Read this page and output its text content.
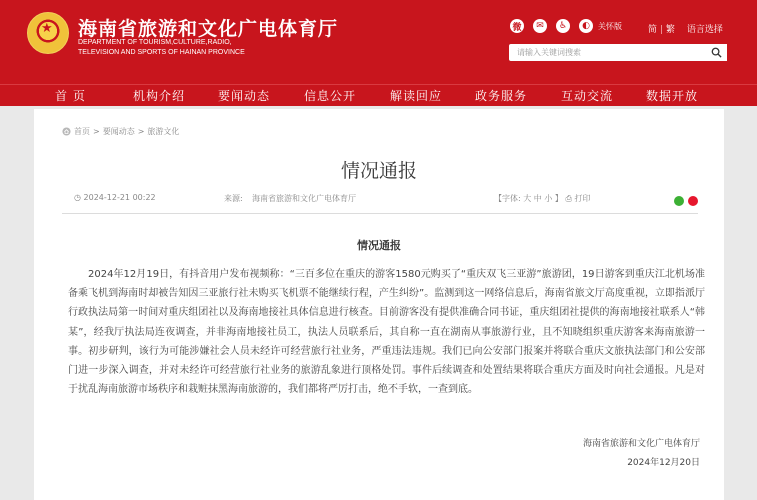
★
海南省旅游和文化广电体育厅
DEPARTMENT OF TOURISM,CULTURE,RADIO,
TELEVISION AND SPORTS OF HAINAN PROVINCE
微	✉	♿	◐	关怀版	简 | 繁 语言选择
请输入关键词搜索
首 页	机构介绍	要闻动态	信息公开	解读回应	政务服务	互动交流	数据开放
首页 > 要闻动态 > 旅游文化
情况通报
◷ 2024-12-21 00:22	来源: 海南省旅游和文化广电体育厅	【字体: 大 中 小 】 ⎙ 打印
情况通报
2024年12月19日，有抖音用户发布视频称：“三百多位在重庆的游客1580元购买了“重庆双飞三亚游”旅游团，19日游客到重庆江北机场准备乘飞机到海南时却被告知因三亚旅行社未购买飞机票不能继续行程，产生纠纷”。监测到这一网络信息后，海南省旅文厅高度重视，立即指派厅行政执法局第一时间对重庆组团社以及海南地接社具体信息进行核查。目前游客没有提供准确合同书证，重庆组团社提供的海南地接社联系人“韩某”，经我厅执法局连夜调查，并非海南地接社员工，执法人员联系后，其自称一直在湖南从事旅游行业，且不知晓组织重庆游客来海南旅游一事。初步研判，该行为可能涉嫌社会人员未经许可经营旅行社业务，严重违法违规。我们已向公安部门报案并将联合重庆文旅执法部门和公安部门进一步深入调查，并对未经许可经营旅行社业务的旅游乱象进行顶格处罚。事件后续调查和处置结果将联合重庆方面及时向社会通报。凡是对于扰乱海南旅游市场秩序和栽赃抹黑海南旅游的，我们都将严厉打击，绝不手软，一查到底。
海南省旅游和文化广电体育厅
2024年12月20日
